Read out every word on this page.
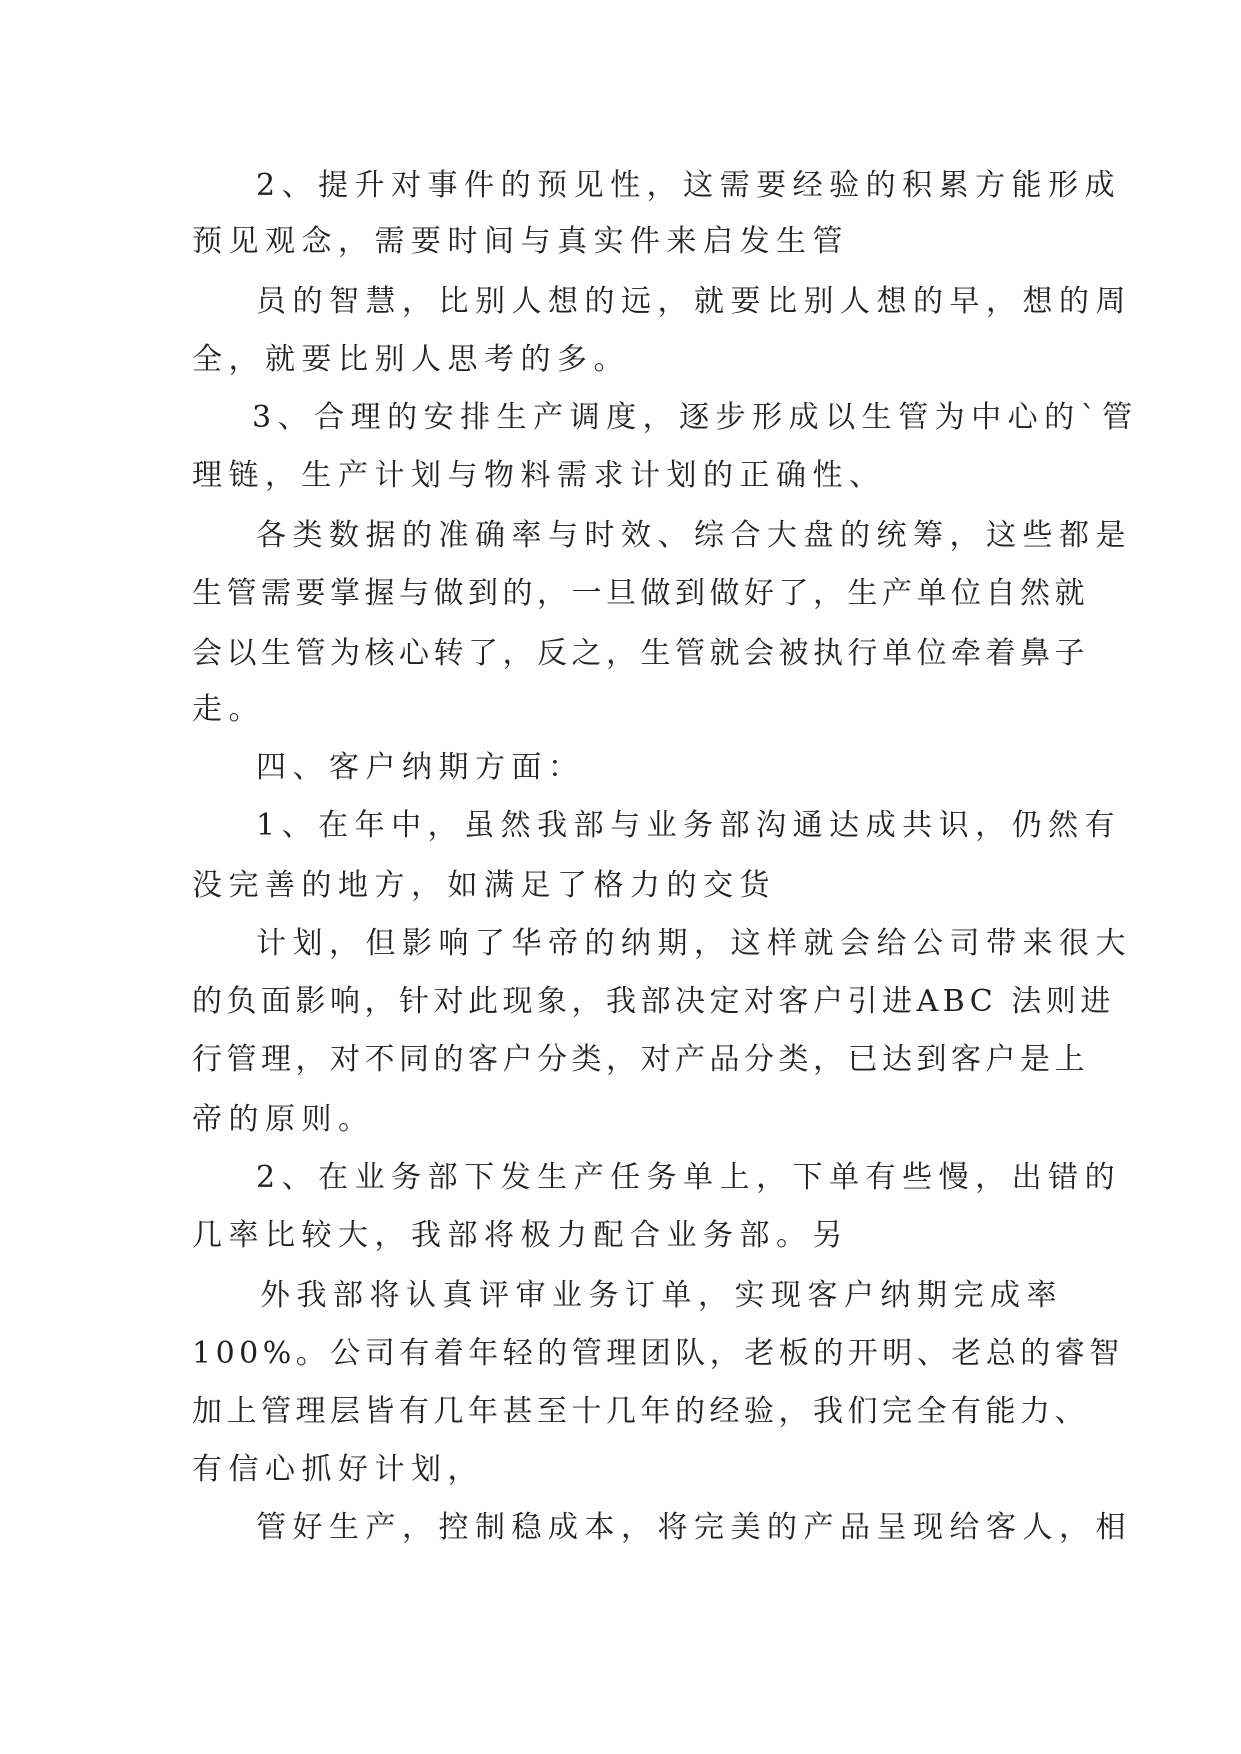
2、提升对事件的预见性，这需要经验的积累方能形成
预见观念，需要时间与真实件来启发生管
员的智慧，比别人想的远，就要比别人想的早，想的周
全，就要比别人思考的多。
3、合理的安排生产调度，逐步形成以生管为中心的`管
理链，生产计划与物料需求计划的正确性、
各类数据的准确率与时效、综合大盘的统筹，这些都是
生管需要掌握与做到的，一旦做到做好了，生产单位自然就
会以生管为核心转了，反之，生管就会被执行单位牵着鼻子
走。
四、客户纳期方面：
1、在年中，虽然我部与业务部沟通达成共识，仍然有
没完善的地方，如满足了格力的交货
计划，但影响了华帝的纳期，这样就会给公司带来很大
的负面影响，针对此现象，我部决定对客户引进ABC 法则进
行管理，对不同的客户分类，对产品分类，已达到客户是上
帝的原则。
2、在业务部下发生产任务单上，下单有些慢，出错的
几率比较大，我部将极力配合业务部。另
外我部将认真评审业务订单，实现客户纳期完成率
100%。公司有着年轻的管理团队，老板的开明、老总的睿智
加上管理层皆有几年甚至十几年的经验，我们完全有能力、
有信心抓好计划，
管好生产，控制稳成本，将完美的产品呈现给客人，相
